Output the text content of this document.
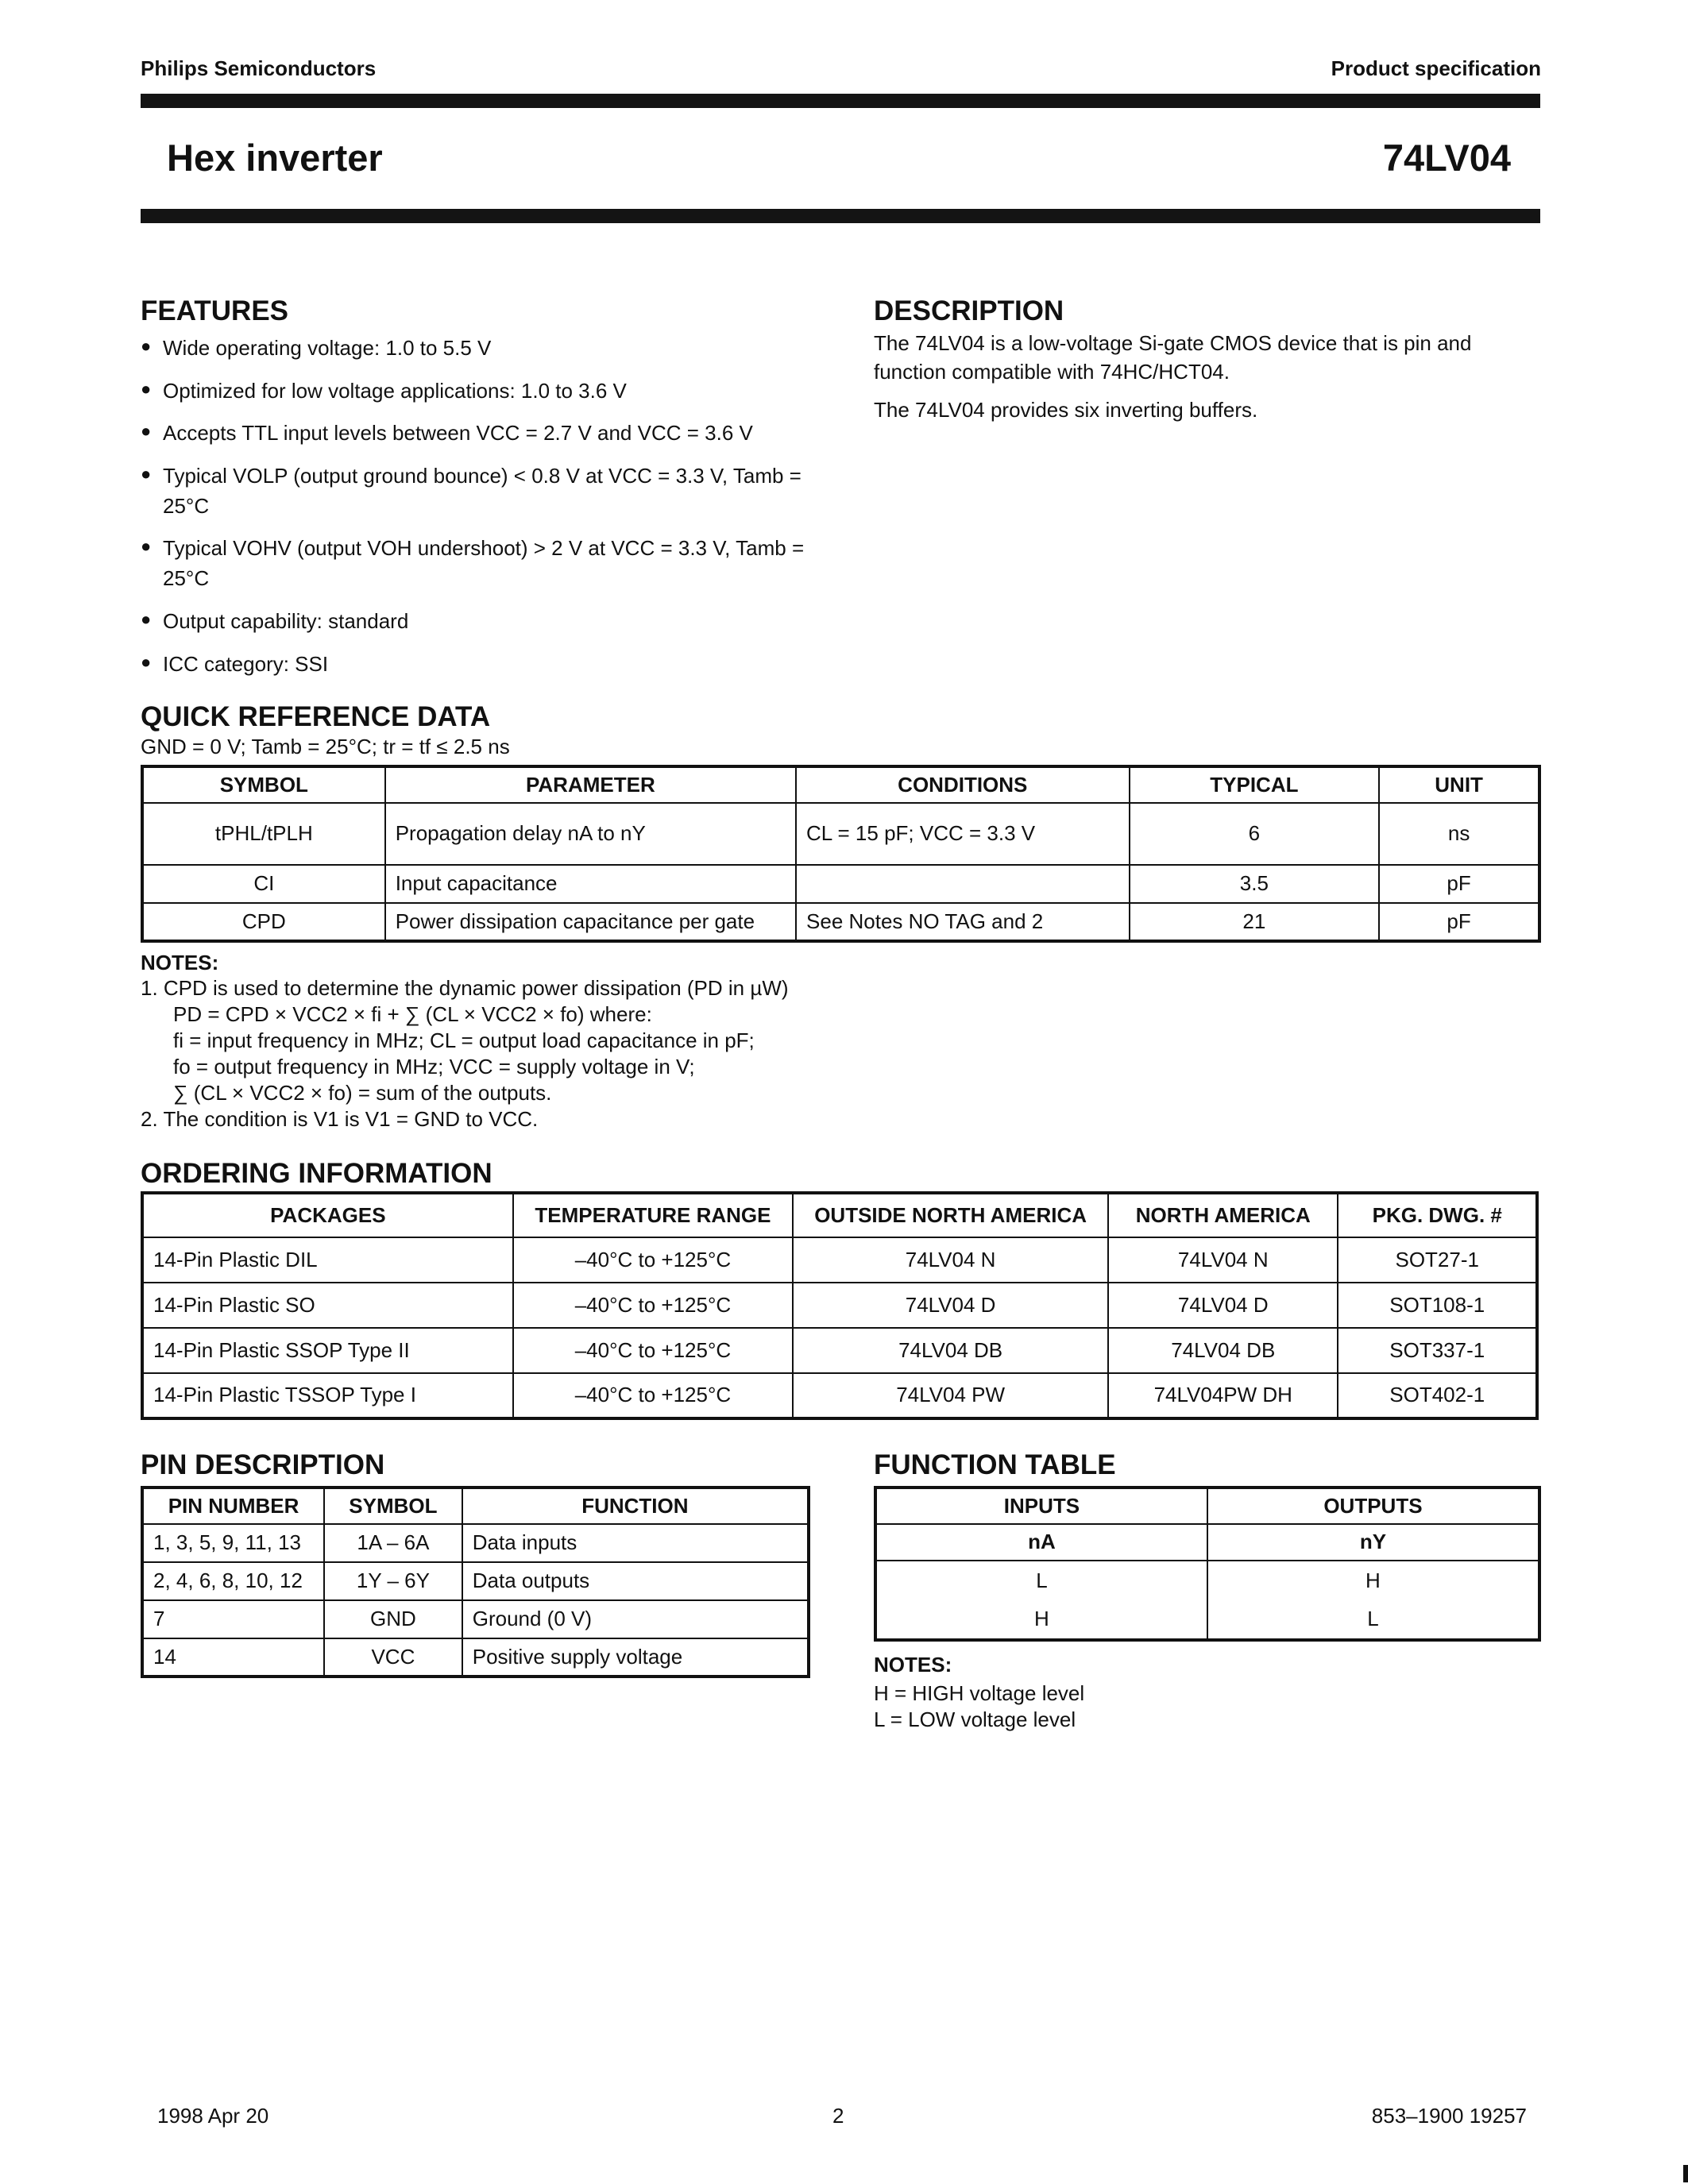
Philips Semiconductors	Product specification
Hex inverter	74LV04
FEATURES
● Wide operating voltage: 1.0 to 5.5 V
● Optimized for low voltage applications: 1.0 to 3.6 V
● Accepts TTL input levels between VCC = 2.7 V and VCC = 3.6 V
● Typical VOLP (output ground bounce) < 0.8 V at VCC = 3.3 V, Tamb = 25°C
● Typical VOHV (output VOH undershoot) > 2 V at VCC = 3.3 V, Tamb = 25°C
● Output capability: standard
● ICC category: SSI
DESCRIPTION
The 74LV04 is a low-voltage Si-gate CMOS device that is pin and function compatible with 74HC/HCT04.
The 74LV04 provides six inverting buffers.
QUICK REFERENCE DATA
GND = 0 V; Tamb = 25°C; tr = tf ≤ 2.5 ns
SYMBOL	PARAMETER	CONDITIONS	TYPICAL	UNIT
tPHL/tPLH	Propagation delay nA to nY	CL = 15 pF; VCC = 3.3 V	6	ns
CI	Input capacitance		3.5	pF
CPD	Power dissipation capacitance per gate	See Notes NO TAG and 2	21	pF
NOTES:
1. CPD is used to determine the dynamic power dissipation (PD in µW)
PD = CPD × VCC2 × fi + ∑ (CL × VCC2 × fo) where:
fi = input frequency in MHz; CL = output load capacitance in pF;
fo = output frequency in MHz; VCC = supply voltage in V;
∑ (CL × VCC2 × fo) = sum of the outputs.
2. The condition is V1 is V1 = GND to VCC.
ORDERING INFORMATION
PACKAGES	TEMPERATURE RANGE	OUTSIDE NORTH AMERICA	NORTH AMERICA	PKG. DWG. #
14-Pin Plastic DIL	–40°C to +125°C	74LV04 N	74LV04 N	SOT27-1
14-Pin Plastic SO	–40°C to +125°C	74LV04 D	74LV04 D	SOT108-1
14-Pin Plastic SSOP Type II	–40°C to +125°C	74LV04 DB	74LV04 DB	SOT337-1
14-Pin Plastic TSSOP Type I	–40°C to +125°C	74LV04 PW	74LV04PW DH	SOT402-1
PIN DESCRIPTION
PIN NUMBER	SYMBOL	FUNCTION
1, 3, 5, 9, 11, 13	1A – 6A	Data inputs
2, 4, 6, 8, 10, 12	1Y – 6Y	Data outputs
7	GND	Ground (0 V)
14	VCC	Positive supply voltage
FUNCTION TABLE
INPUTS	OUTPUTS
nA	nY
L	H
H	L
NOTES:
H = HIGH voltage level
L = LOW voltage level
1998 Apr 20	2	853–1900 19257
